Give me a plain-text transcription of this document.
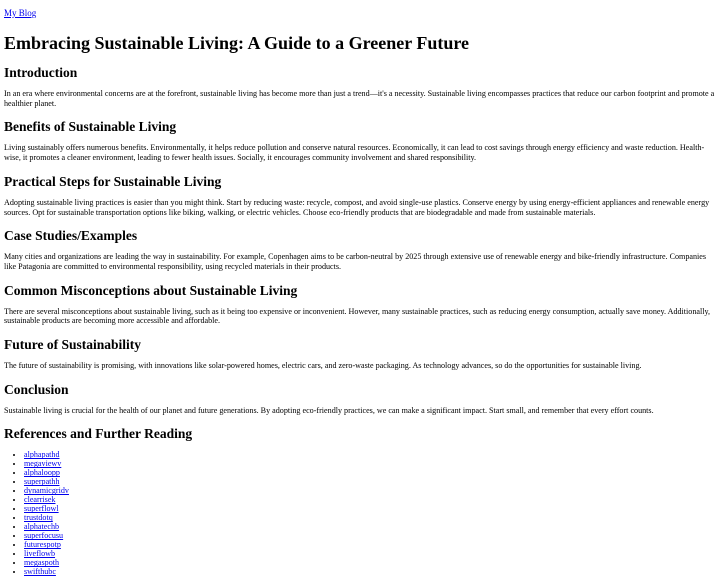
My Blog
Embracing Sustainable Living: A Guide to a Greener Future
Introduction

In an era where environmental concerns are at the forefront, sustainable living has become more than just a trend—it's a necessity. Sustainable living encompasses practices that reduce our carbon footprint and promote a healthier planet.

Benefits of Sustainable Living

Living sustainably offers numerous benefits. Environmentally, it helps reduce pollution and conserve natural resources. Economically, it can lead to cost savings through energy efficiency and waste reduction. Health-wise, it promotes a cleaner environment, leading to fewer health issues. Socially, it encourages community involvement and shared responsibility.

Practical Steps for Sustainable Living

Adopting sustainable living practices is easier than you might think. Start by reducing waste: recycle, compost, and avoid single-use plastics. Conserve energy by using energy-efficient appliances and renewable energy sources. Opt for sustainable transportation options like biking, walking, or electric vehicles. Choose eco-friendly products that are biodegradable and made from sustainable materials.

Case Studies/Examples

Many cities and organizations are leading the way in sustainability. For example, Copenhagen aims to be carbon-neutral by 2025 through extensive use of renewable energy and bike-friendly infrastructure. Companies like Patagonia are committed to environmental responsibility, using recycled materials in their products.

Common Misconceptions about Sustainable Living

There are several misconceptions about sustainable living, such as it being too expensive or inconvenient. However, many sustainable practices, such as reducing energy consumption, actually save money. Additionally, sustainable products are becoming more accessible and affordable.

Future of Sustainability

The future of sustainability is promising, with innovations like solar-powered homes, electric cars, and zero-waste packaging. As technology advances, so do the opportunities for sustainable living.

Conclusion

Sustainable living is crucial for the health of our planet and future generations. By adopting eco-friendly practices, we can make a significant impact. Start small, and remember that every effort counts.

References and Further Reading
• alphapathd
• megaviewv
• alphaloopp
• superpathh
• dynamicgridv
• clearrisek
• superflowl
• trustdotq
• alphatechb
• superfocusu
• futurespotp
• liveflowb
• megaspoth
• swifthubc
